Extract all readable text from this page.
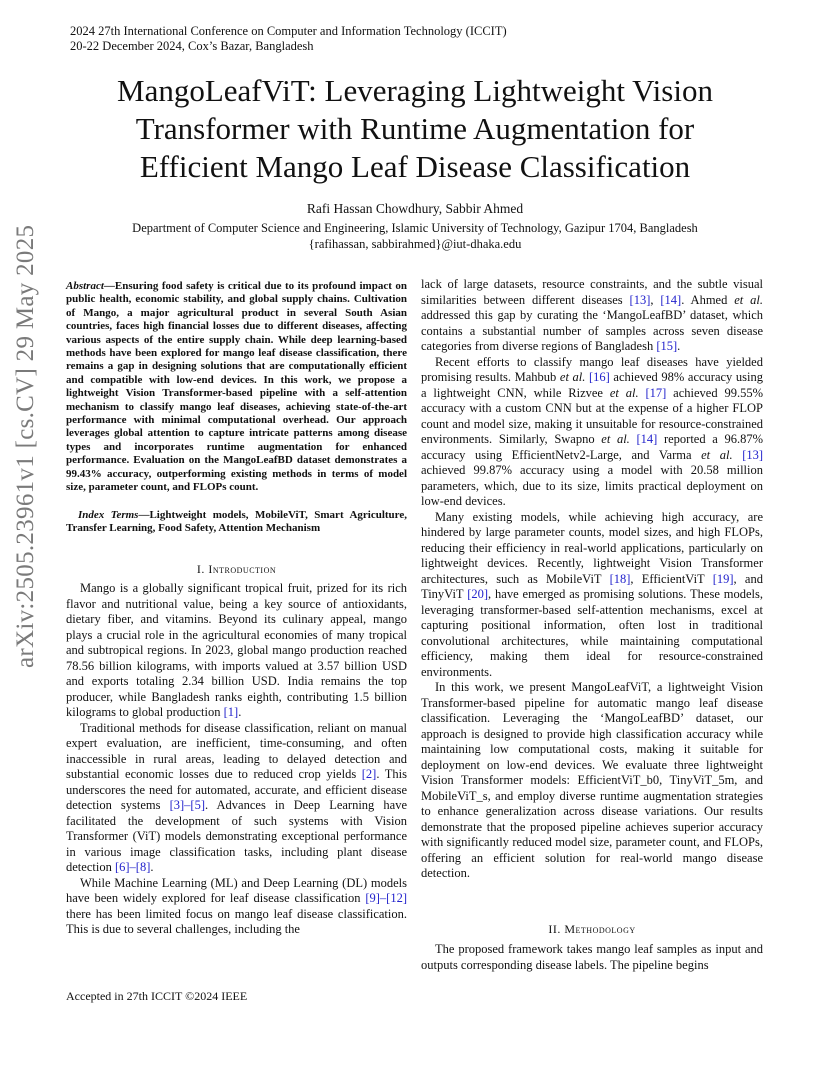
2024 27th International Conference on Computer and Information Technology (ICCIT)
20-22 December 2024, Cox’s Bazar, Bangladesh
MangoLeafViT: Leveraging Lightweight Vision
Transformer with Runtime Augmentation for
Efficient Mango Leaf Disease Classification
Rafi Hassan Chowdhury, Sabbir Ahmed
Department of Computer Science and Engineering, Islamic University of Technology, Gazipur 1704, Bangladesh
{rafihassan, sabbirahmed}@iut-dhaka.edu
arXiv:2505.23961v1 [cs.CV] 29 May 2025 Abstract—Ensuring food safety is critical due to its profound impact on public health, economic stability, and global supply chains. Cultivation of Mango, a major agricultural product in several South Asian countries, faces high financial losses due to different diseases, affecting various aspects of the entire supply chain. While deep learning-based methods have been explored for mango leaf disease classification, there remains a gap in designing solutions that are computationally efficient and compatible with low-end devices. In this work, we propose a lightweight Vision Transformer-based pipeline with a self-attention mechanism to classify mango leaf diseases, achieving state-of-the-art performance with minimal computational overhead. Our approach leverages global attention to capture intricate patterns among disease types and incorporates runtime augmentation for enhanced performance. Evaluation on the MangoLeafBD dataset demonstrates a 99.43% accuracy, outperforming existing methods in terms of model size, parameter count, and FLOPs count.
Index Terms—Lightweight models, MobileViT, Smart Agriculture, Transfer Learning, Food Safety, Attention Mechanism
I. Introduction

Mango is a globally significant tropical fruit, prized for its rich flavor and nutritional value, being a key source of antioxidants, dietary fiber, and vitamins. Beyond its culinary appeal, mango plays a crucial role in the agricultural economies of many tropical and subtropical regions. In 2023, global mango production reached 78.56 billion kilograms, with imports valued at 3.57 billion USD and exports totaling 2.34 billion USD. India remains the top producer, while Bangladesh ranks eighth, contributing 1.5 billion kilograms to global production [1].

Traditional methods for disease classification, reliant on manual expert evaluation, are inefficient, time-consuming, and often inaccessible in rural areas, leading to delayed detection and substantial economic losses due to reduced crop yields [2]. This underscores the need for automated, accurate, and efficient disease detection systems [3]–[5]. Advances in Deep Learning have facilitated the development of such systems with Vision Transformer (ViT) models demonstrating exceptional performance in various image classification tasks, including plant disease detection [6]–[8].

While Machine Learning (ML) and Deep Learning (DL) models have been widely explored for leaf disease classification [9]–[12] there has been limited focus on mango leaf disease classification. This is due to several challenges, including the

lack of large datasets, resource constraints, and the subtle visual similarities between different diseases [13], [14]. Ahmed et al. addressed this gap by curating the ‘MangoLeafBD’ dataset, which contains a substantial number of samples across seven disease categories from diverse regions of Bangladesh [15].

Recent efforts to classify mango leaf diseases have yielded promising results. Mahbub et al. [16] achieved 98% accuracy using a lightweight CNN, while Rizvee et al. [17] achieved 99.55% accuracy with a custom CNN but at the expense of a higher FLOP count and model size, making it unsuitable for resource-constrained environments. Similarly, Swapno et al. [14] reported a 96.87% accuracy using EfficientNetv2-Large, and Varma et al. [13] achieved 99.87% accuracy using a model with 20.58 million parameters, which, due to its size, limits practical deployment on low-end devices.

Many existing models, while achieving high accuracy, are hindered by large parameter counts, model sizes, and high FLOPs, reducing their efficiency in real-world applications, particularly on lightweight devices. Recently, lightweight Vision Transformer architectures, such as MobileViT [18], EfficientViT [19], and TinyViT [20], have emerged as promising solutions. These models, leveraging transformer-based self-attention mechanisms, excel at capturing positional information, often lost in traditional convolutional architectures, while maintaining computational efficiency, making them ideal for resource-constrained environments.

In this work, we present MangoLeafViT, a lightweight Vision Transformer-based pipeline for automatic mango leaf disease classification. Leveraging the ‘MangoLeafBD’ dataset, our approach is designed to provide high classification accuracy while maintaining low computational costs, making it suitable for deployment on low-end devices. We evaluate three lightweight Vision Transformer models: EfficientViT_b0, TinyViT_5m, and MobileViT_s, and employ diverse runtime augmentation strategies to enhance generalization across disease variations. Our results demonstrate that the proposed pipeline achieves superior accuracy with significantly reduced model size, parameter count, and FLOPs, offering an efficient solution for real-world mango disease detection.

II. Methodology

The proposed framework takes mango leaf samples as input and outputs corresponding disease labels. The pipeline begins

Accepted in 27th ICCIT ©2024 IEEE
